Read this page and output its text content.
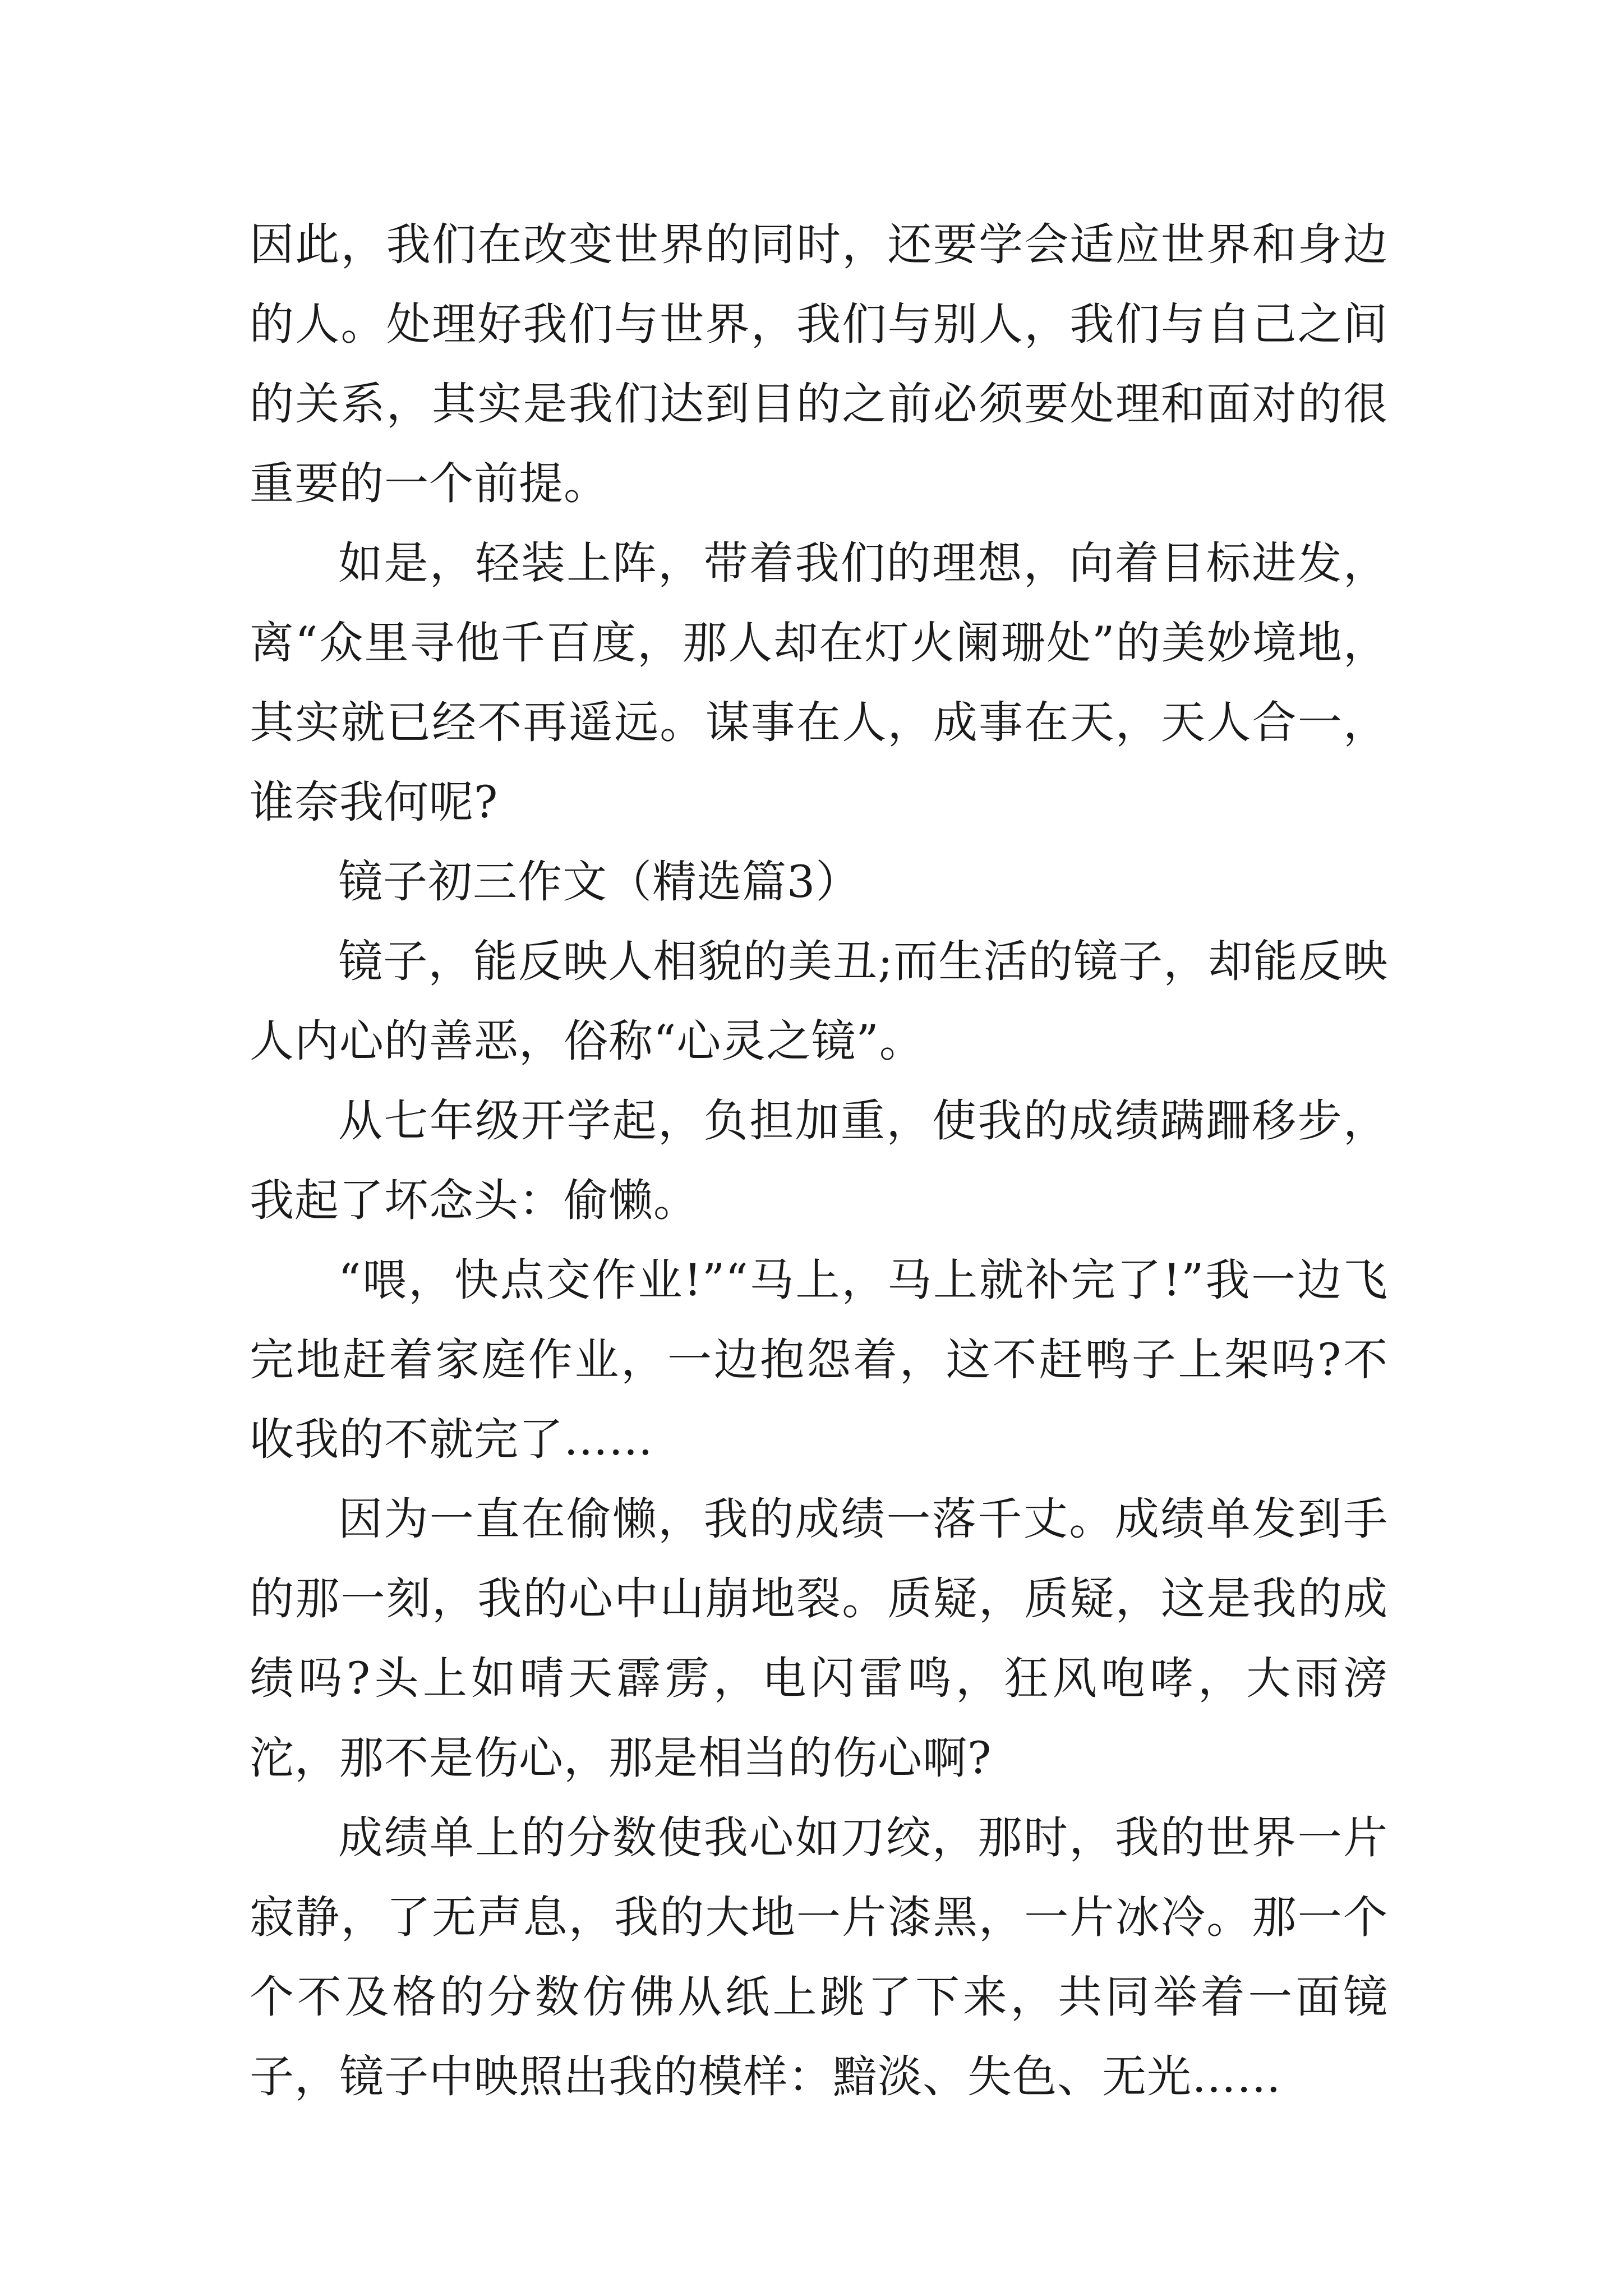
因此，我们在改变世界的同时，还要学会适应世界和身边的人。处理好我们与世界，我们与别人，我们与自己之间的关系，其实是我们达到目的之前必须要处理和面对的很重要的一个前提。

如是，轻装上阵，带着我们的理想，向着目标进发，离“众里寻他千百度，那人却在灯火阑珊处”的美妙境地，其实就已经不再遥远。谋事在人，成事在天，天人合一，谁奈我何呢?

镜子初三作文（精选篇3）

镜子，能反映人相貌的美丑;而生活的镜子，却能反映人内心的善恶，俗称“心灵之镜”。

从七年级开学起，负担加重，使我的成绩蹒跚移步，我起了坏念头：偷懒。

“喂，快点交作业!”“马上，马上就补完了!”我一边飞完地赶着家庭作业，一边抱怨着，这不赶鸭子上架吗?不收我的不就完了……

因为一直在偷懒，我的成绩一落千丈。成绩单发到手的那一刻，我的心中山崩地裂。质疑，质疑，这是我的成绩吗?头上如晴天霹雳，电闪雷鸣，狂风咆哮，大雨滂沱，那不是伤心，那是相当的伤心啊?

成绩单上的分数使我心如刀绞，那时，我的世界一片寂静，了无声息，我的大地一片漆黑，一片冰冷。那一个个不及格的分数仿佛从纸上跳了下来，共同举着一面镜子，镜子中映照出我的模样：黯淡、失色、无光……
